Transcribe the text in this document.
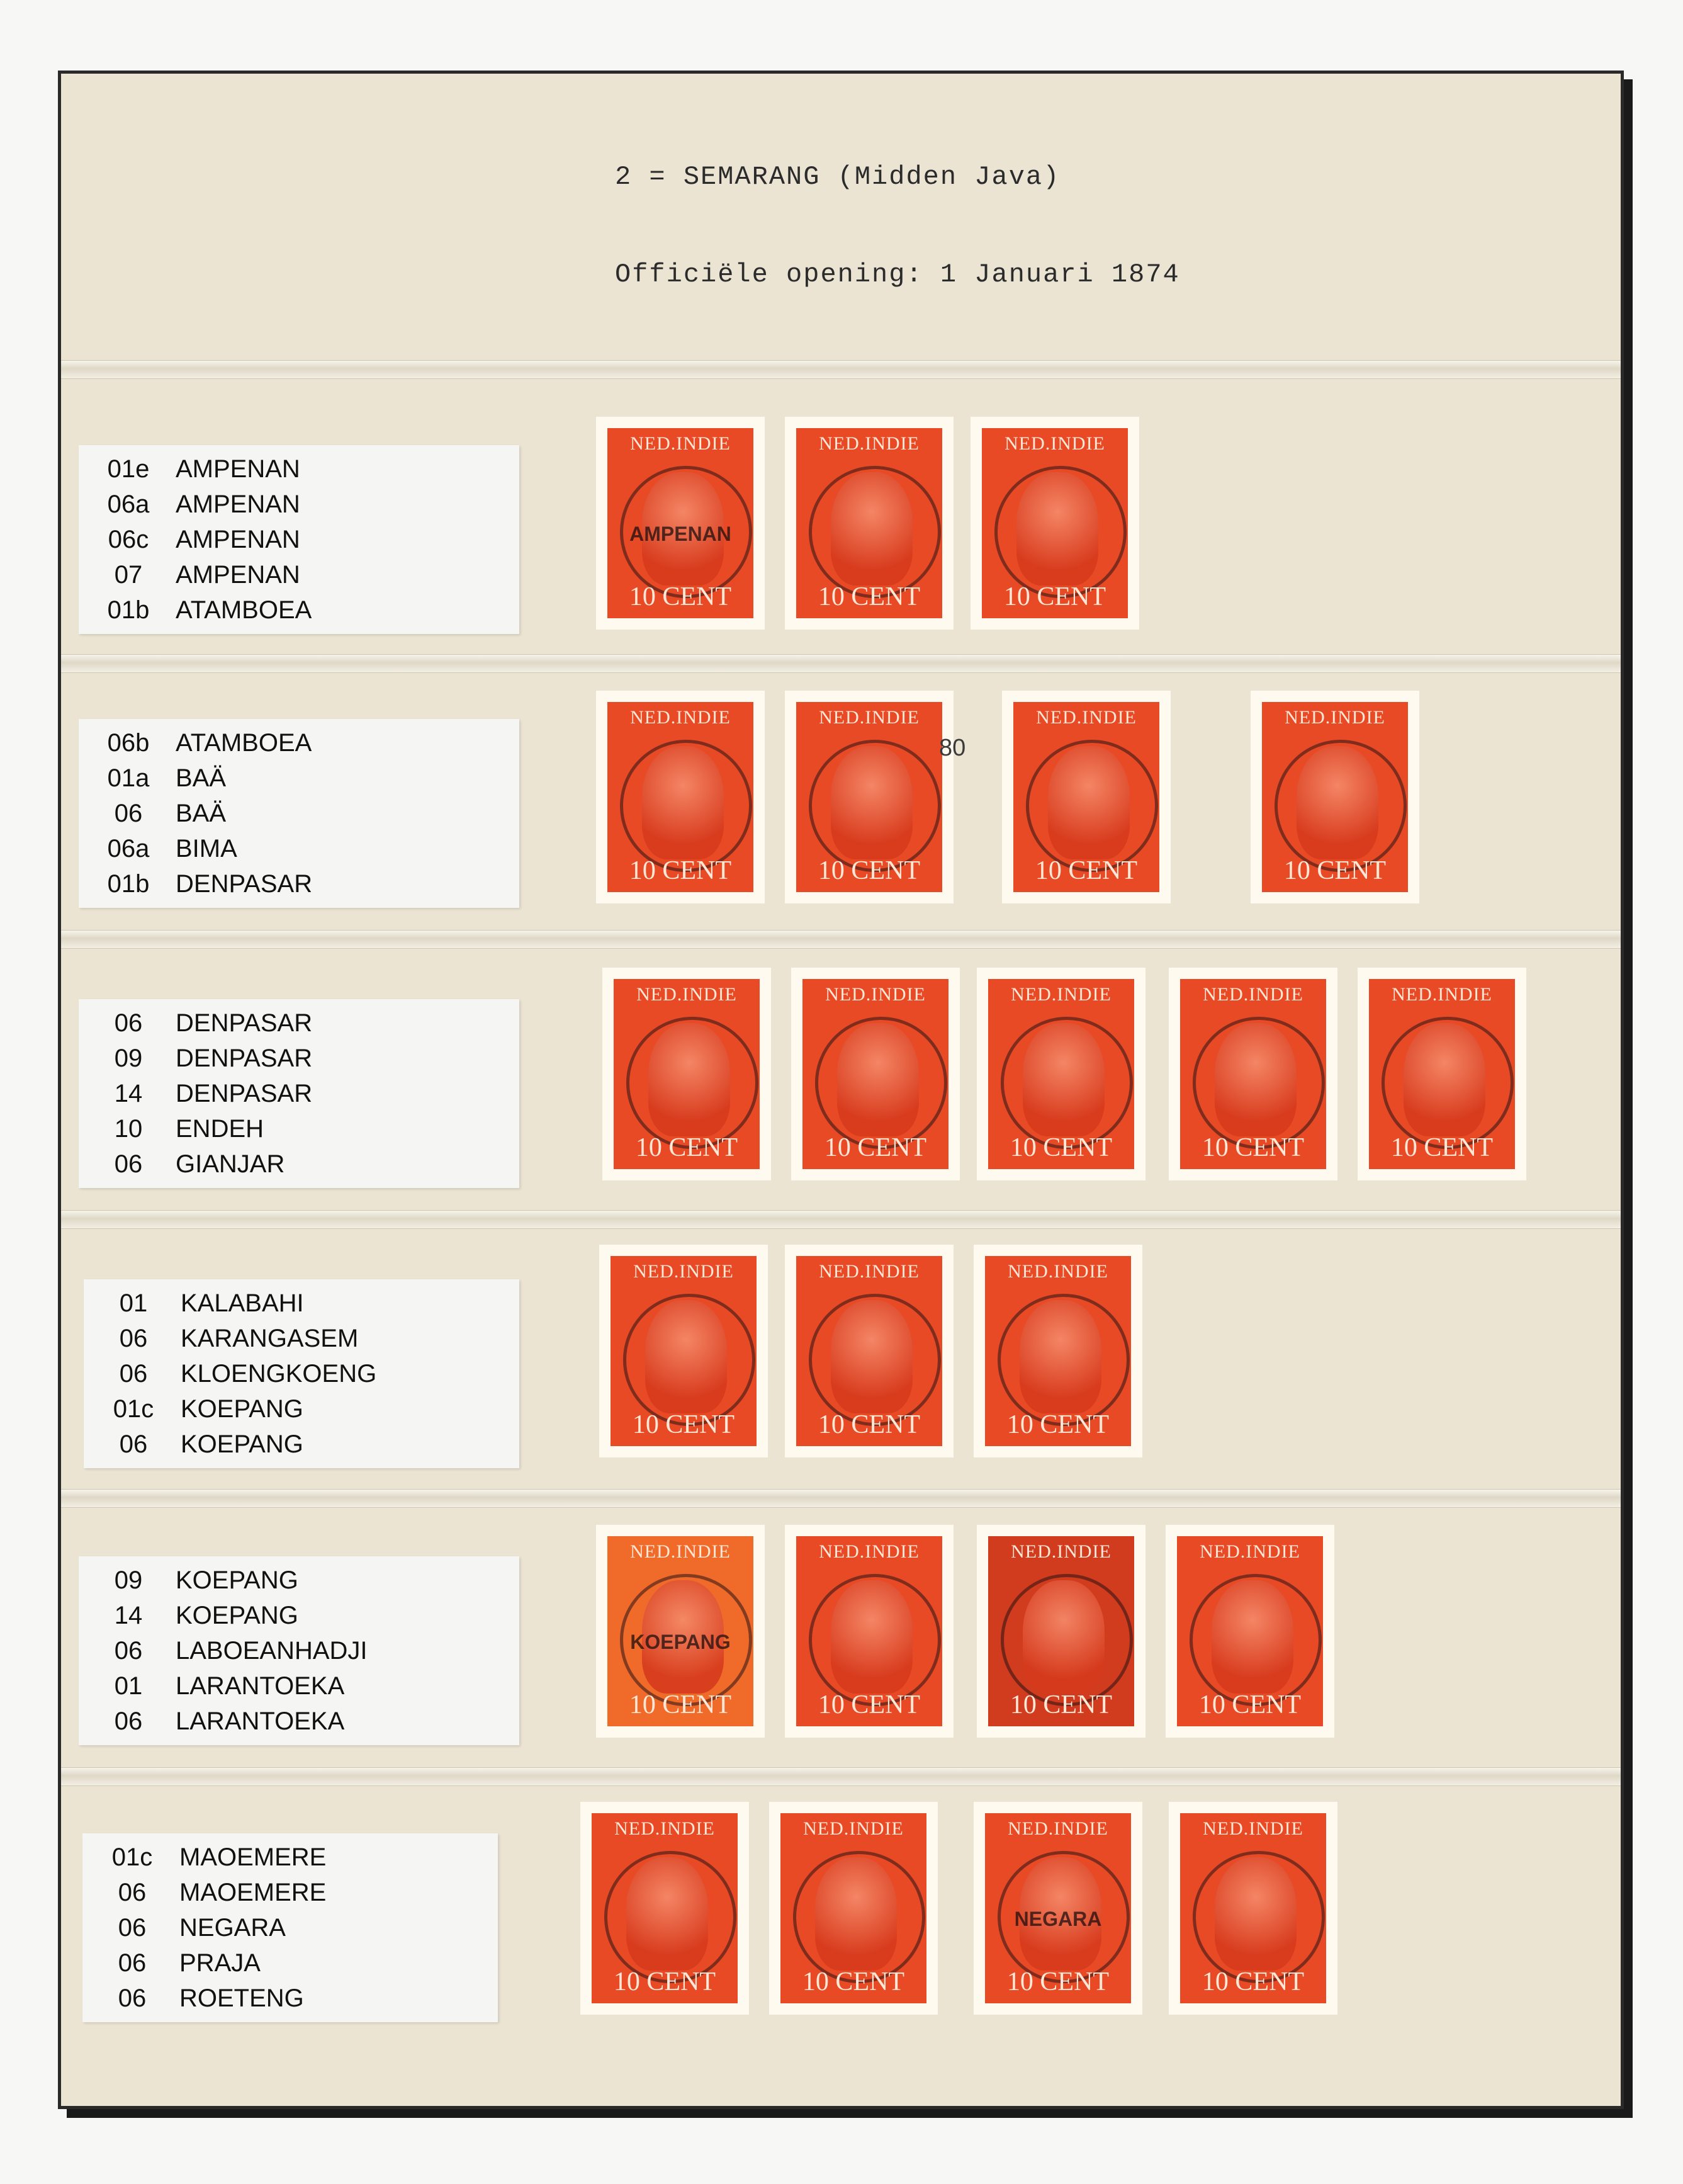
2 = SEMARANG (Midden Java)
Officiële opening: 1 Januari 1874
01e	AMPENAN
06a	AMPENAN
06c	AMPENAN
07	AMPENAN
01b	ATAMBOEA
NED.INDIE
AMPENAN
10 CENT
NED.INDIE
10 CENT
NED.INDIE
10 CENT
06b	ATAMBOEA
01a	BAÄ
06	BAÄ
06a	BIMA
01b	DENPASAR
NED.INDIE
10 CENT
NED.INDIE
10 CENT
NED.INDIE
10 CENT
NED.INDIE
10 CENT
06	DENPASAR
09	DENPASAR
14	DENPASAR
10	ENDEH
06	GIANJAR
NED.INDIE
10 CENT
NED.INDIE
10 CENT
NED.INDIE
10 CENT
NED.INDIE
10 CENT
NED.INDIE
10 CENT
01	KALABAHI
06	KARANGASEM
06	KLOENGKOENG
01c	KOEPANG
06	KOEPANG
NED.INDIE
10 CENT
NED.INDIE
10 CENT
NED.INDIE
10 CENT
09	KOEPANG
14	KOEPANG
06	LABOEANHADJI
01	LARANTOEKA
06	LARANTOEKA
NED.INDIE
KOEPANG
10 CENT
NED.INDIE
10 CENT
NED.INDIE
10 CENT
NED.INDIE
10 CENT
01c	MAOEMERE
06	MAOEMERE
06	NEGARA
06	PRAJA
06	ROETENG
NED.INDIE
10 CENT
NED.INDIE
10 CENT
NED.INDIE
NEGARA
10 CENT
NED.INDIE
10 CENT
80
